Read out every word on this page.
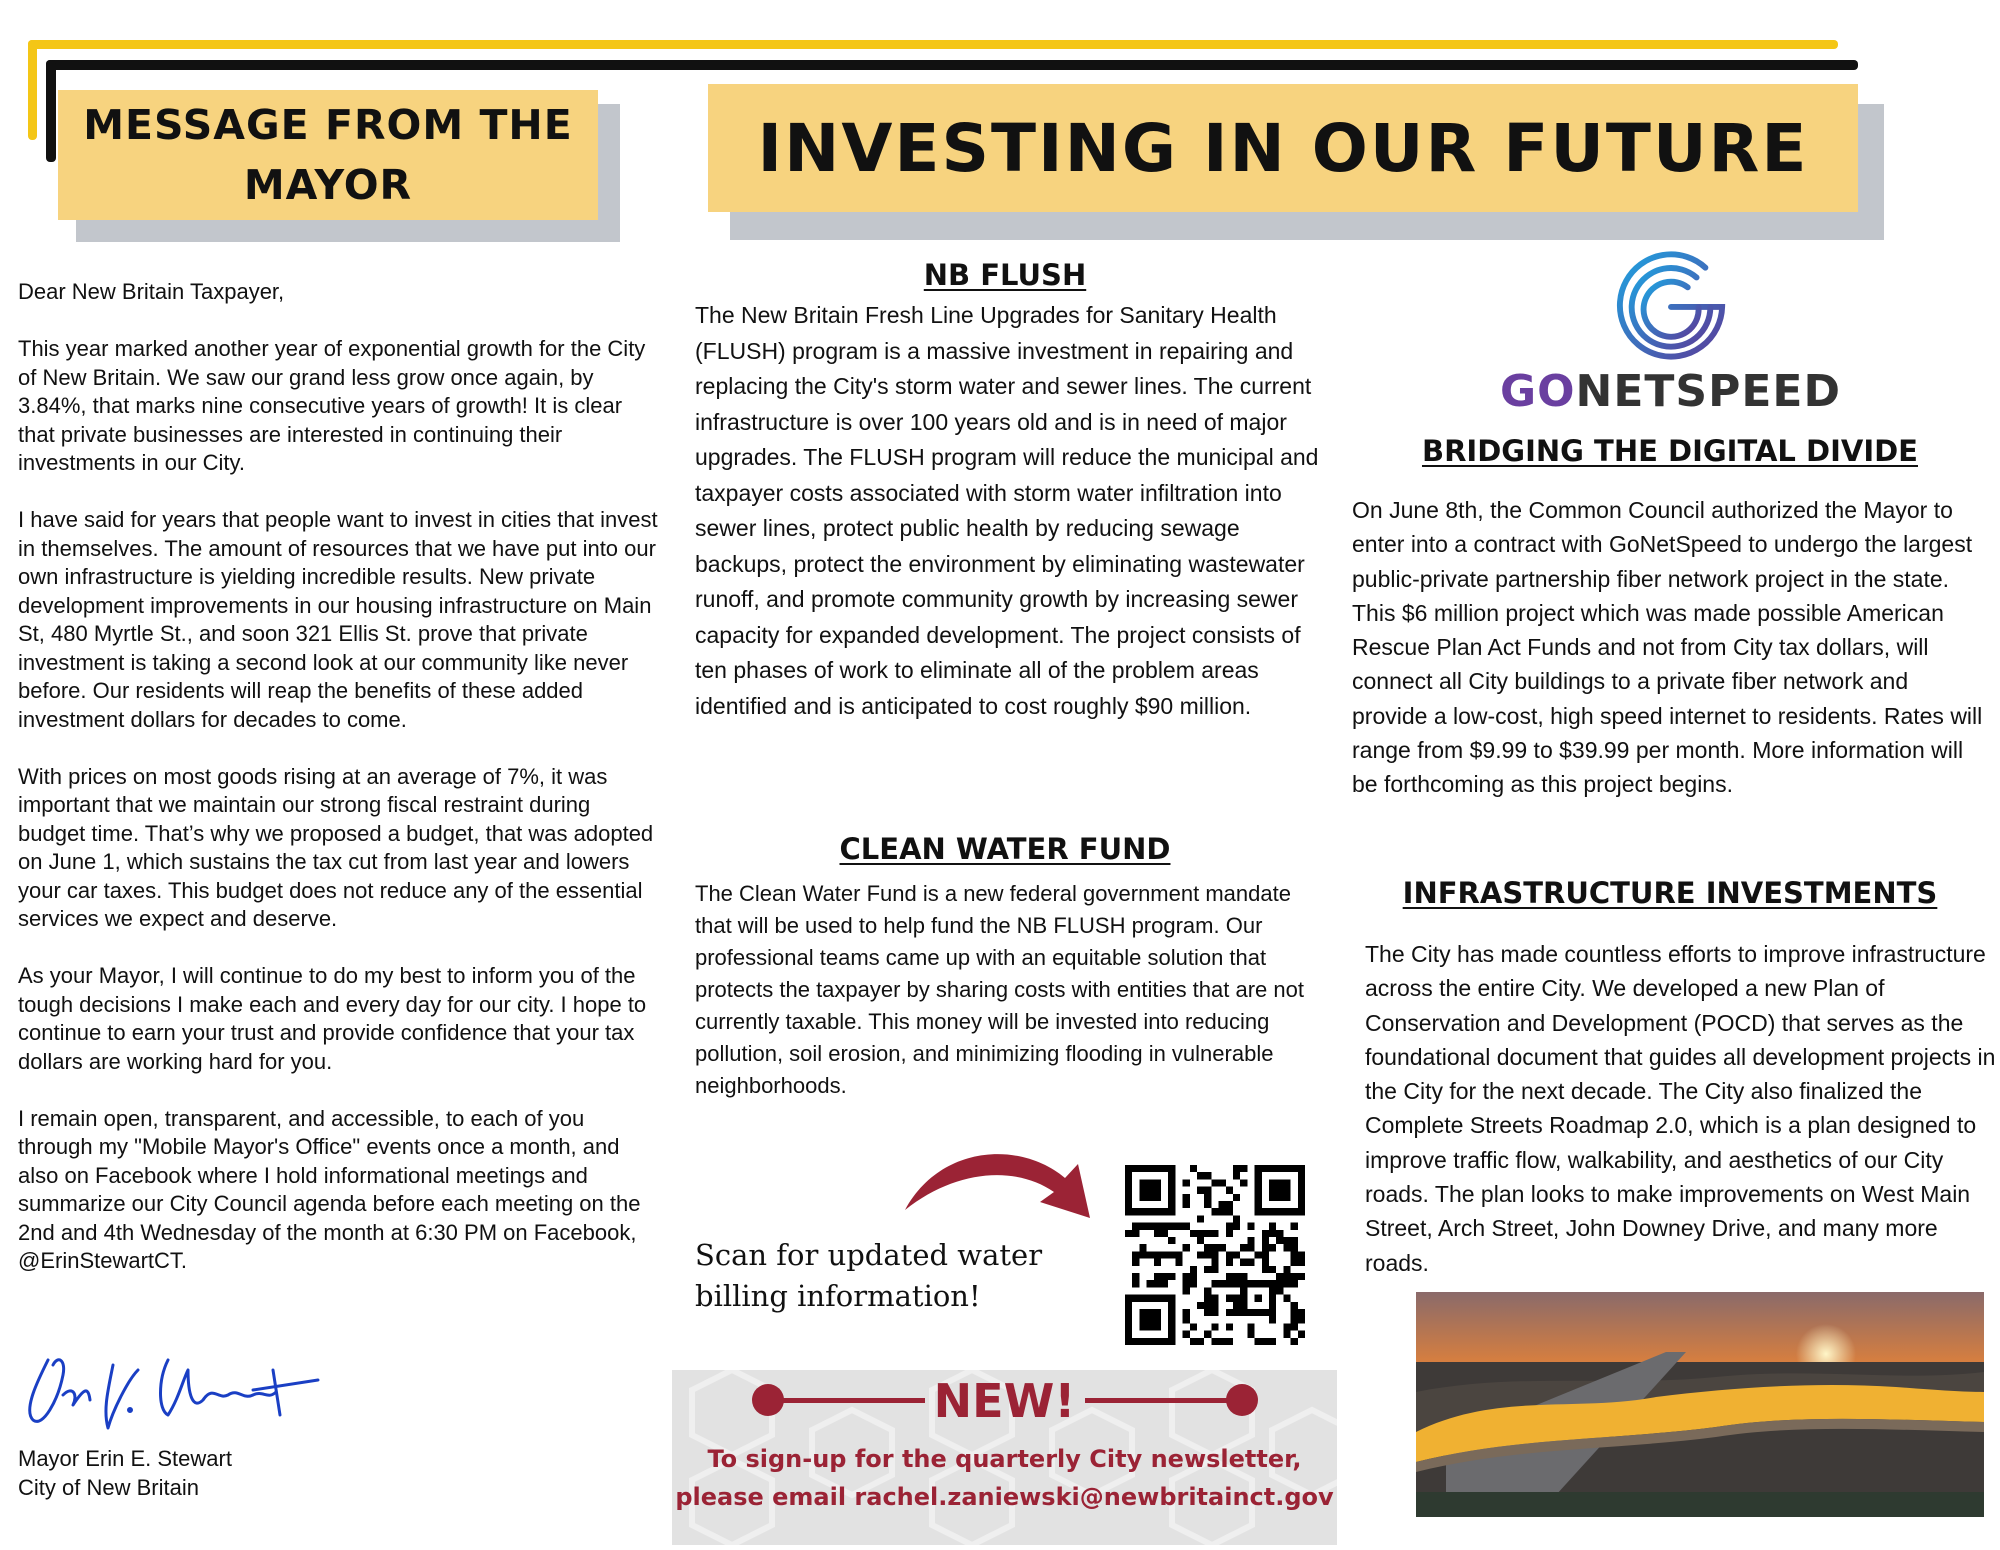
MESSAGE FROM THE MAYOR	INVESTING IN OUR FUTURE

Dear New Britain Taxpayer,

This year marked another year of exponential growth for the City of New Britain. We saw our grand less grow once again, by 3.84%, that marks nine consecutive years of growth! It is clear that private businesses are interested in continuing their investments in our City.

I have said for years that people want to invest in cities that invest in themselves. The amount of resources that we have put into our own infrastructure is yielding incredible results. New private development improvements in our housing infrastructure on Main St, 480 Myrtle St., and soon 321 Ellis St. prove that private investment is taking a second look at our community like never before. Our residents will reap the benefits of these added investment dollars for decades to come.

With prices on most goods rising at an average of 7%, it was important that we maintain our strong fiscal restraint during budget time. That’s why we proposed a budget, that was adopted on June 1, which sustains the tax cut from last year and lowers your car taxes. This budget does not reduce any of the essential services we expect and deserve.

As your Mayor, I will continue to do my best to inform you of the tough decisions I make each and every day for our city. I hope to continue to earn your trust and provide confidence that your tax dollars are working hard for you.

I remain open, transparent, and accessible, to each of you through my "Mobile Mayor's Office" events once a month, and also on Facebook where I hold informational meetings and summarize our City Council agenda before each meeting on the 2nd and 4th Wednesday of the month at 6:30 PM on Facebook, @ErinStewartCT.

Mayor Erin E. Stewart
City of New Britain
NB FLUSH
The New Britain Fresh Line Upgrades for Sanitary Health (FLUSH) program is a massive investment in repairing and replacing the City's storm water and sewer lines. The current infrastructure is over 100 years old and is in need of major upgrades. The FLUSH program will reduce the municipal and taxpayer costs associated with storm water infiltration into sewer lines, protect public health by reducing sewage backups, protect the environment by eliminating wastewater runoff, and promote community growth by increasing sewer capacity for expanded development. The project consists of ten phases of work to eliminate all of the problem areas identified and is anticipated to cost roughly $90 million.
CLEAN WATER FUND
The Clean Water Fund is a new federal government mandate that will be used to help fund the NB FLUSH program. Our professional teams came up with an equitable solution that protects the taxpayer by sharing costs with entities that are not currently taxable. This money will be invested into reducing pollution, soil erosion, and minimizing flooding in vulnerable neighborhoods.
Scan for updated water billing information!
NEW!
To sign-up for the quarterly City newsletter, please email rachel.zaniewski@newbritainct.gov
GONETSPEED
BRIDGING THE DIGITAL DIVIDE
On June 8th, the Common Council authorized the Mayor to enter into a contract with GoNetSpeed to undergo the largest public-private partnership fiber network project in the state. This $6 million project which was made possible American Rescue Plan Act Funds and not from City tax dollars, will connect all City buildings to a private fiber network and provide a low-cost, high speed internet to residents. Rates will range from $9.99 to $39.99 per month. More information will be forthcoming as this project begins.
INFRASTRUCTURE INVESTMENTS
The City has made countless efforts to improve infrastructure across the entire City. We developed a new Plan of Conservation and Development (POCD) that serves as the foundational document that guides all development projects in the City for the next decade. The City also finalized the Complete Streets Roadmap 2.0, which is a plan designed to improve traffic flow, walkability, and aesthetics of our City roads. The plan looks to make improvements on West Main Street, Arch Street, John Downey Drive, and many more roads.
